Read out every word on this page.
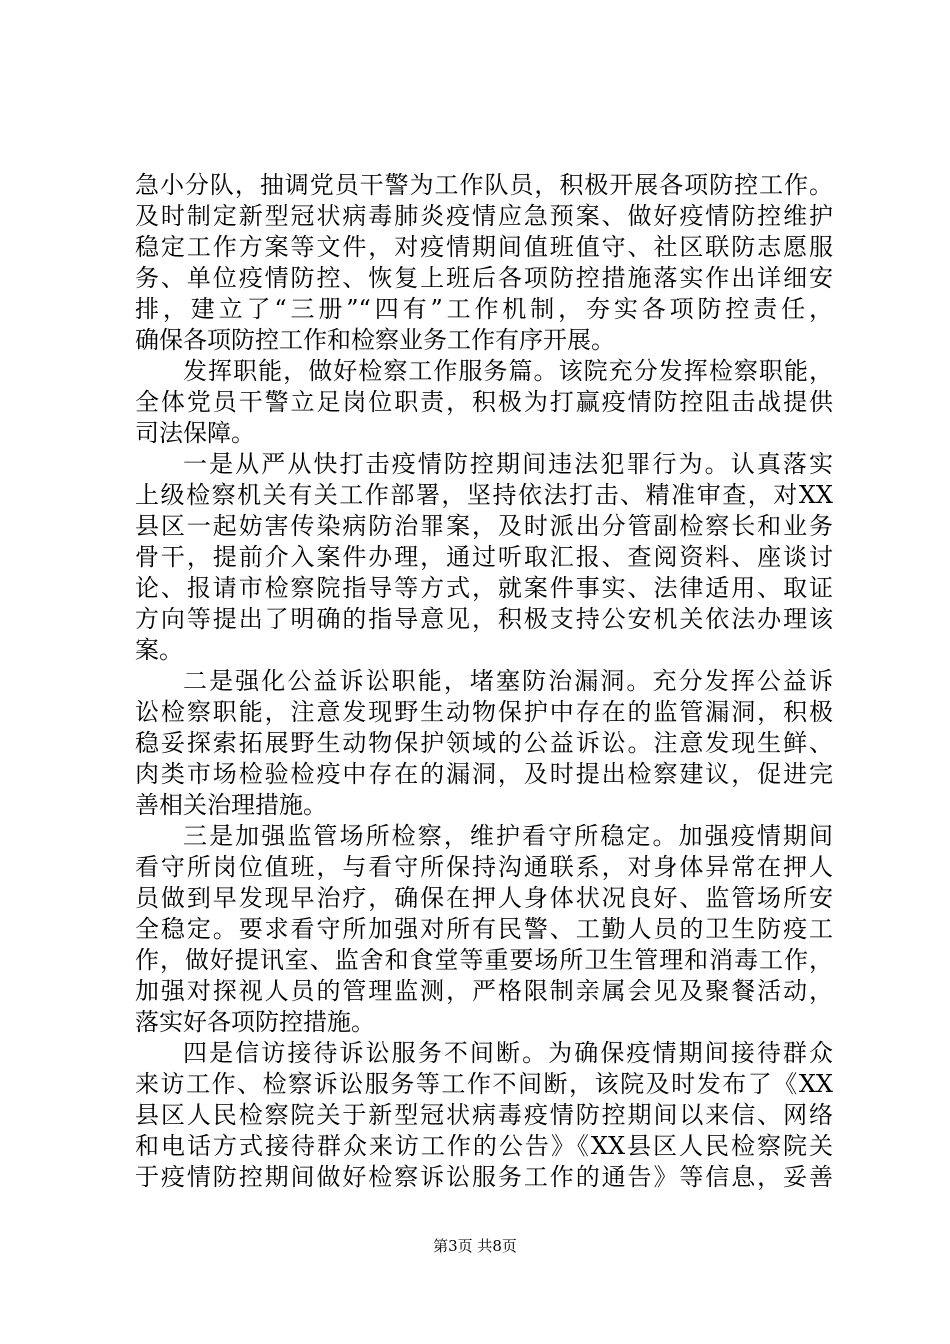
急小分队，抽调党员干警为工作队员，积极开展各项防控工作。
及时制定新型冠状病毒肺炎疫情应急预案、做好疫情防控维护
稳定工作方案等文件，对疫情期间值班值守、社区联防志愿服
务、单位疫情防控、恢复上班后各项防控措施落实作出详细安
排，建立了“三册”“四有”工作机制，夯实各项防控责任，
确保各项防控工作和检察业务工作有序开展。
发挥职能，做好检察工作服务篇。该院充分发挥检察职能，
全体党员干警立足岗位职责，积极为打赢疫情防控阻击战提供
司法保障。
一是从严从快打击疫情防控期间违法犯罪行为。认真落实
上级检察机关有关工作部署，坚持依法打击、精准审查，对XX
县区一起妨害传染病防治罪案，及时派出分管副检察长和业务
骨干，提前介入案件办理，通过听取汇报、查阅资料、座谈讨
论、报请市检察院指导等方式，就案件事实、法律适用、取证
方向等提出了明确的指导意见，积极支持公安机关依法办理该
案。
二是强化公益诉讼职能，堵塞防治漏洞。充分发挥公益诉
讼检察职能，注意发现野生动物保护中存在的监管漏洞，积极
稳妥探索拓展野生动物保护领域的公益诉讼。注意发现生鲜、
肉类市场检验检疫中存在的漏洞，及时提出检察建议，促进完
善相关治理措施。
三是加强监管场所检察，维护看守所稳定。加强疫情期间
看守所岗位值班，与看守所保持沟通联系，对身体异常在押人
员做到早发现早治疗，确保在押人身体状况良好、监管场所安
全稳定。要求看守所加强对所有民警、工勤人员的卫生防疫工
作，做好提讯室、监舍和食堂等重要场所卫生管理和消毒工作，
加强对探视人员的管理监测，严格限制亲属会见及聚餐活动，
落实好各项防控措施。
四是信访接待诉讼服务不间断。为确保疫情期间接待群众
来访工作、检察诉讼服务等工作不间断，该院及时发布了《XX
县区人民检察院关于新型冠状病毒疫情防控期间以来信、网络
和电话方式接待群众来访工作的公告》《XX县区人民检察院关
于疫情防控期间做好检察诉讼服务工作的通告》等信息，妥善
第3页 共8页
